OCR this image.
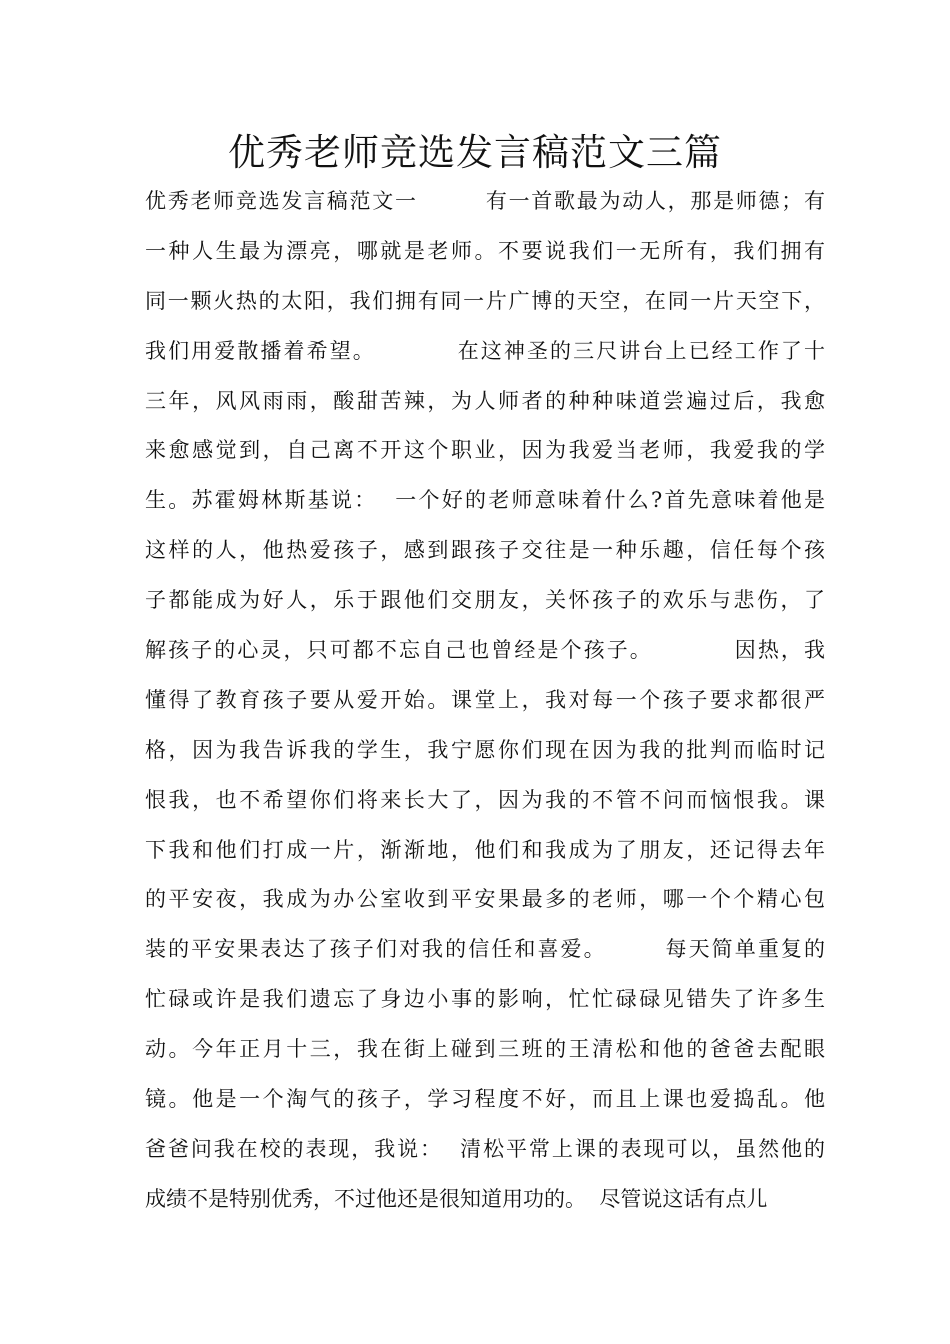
优秀老师竞选发言稿范文三篇
优秀老师竞选发言稿范文一　　　有一首歌最为动人，那是师德；有
一种人生最为漂亮，哪就是老师。不要说我们一无所有，我们拥有
同一颗火热的太阳，我们拥有同一片广博的天空，在同一片天空下，
我们用爱散播着希望。　　　　在这神圣的三尺讲台上已经工作了十
三年，风风雨雨，酸甜苦辣，为人师者的种种味道尝遍过后，我愈
来愈感觉到，自己离不开这个职业，因为我爱当老师，我爱我的学
生。苏霍姆林斯基说：  一个好的老师意味着什么?首先意味着他是
这样的人，他热爱孩子，感到跟孩子交往是一种乐趣，信任每个孩
子都能成为好人，乐于跟他们交朋友，关怀孩子的欢乐与悲伤，了
解孩子的心灵，只可都不忘自己也曾经是个孩子。　　　　因热，我
懂得了教育孩子要从爱开始。课堂上，我对每一个孩子要求都很严
格，因为我告诉我的学生，我宁愿你们现在因为我的批判而临时记
恨我，也不希望你们将来长大了，因为我的不管不问而恼恨我。课
下我和他们打成一片，渐渐地，他们和我成为了朋友，还记得去年
的平安夜，我成为办公室收到平安果最多的老师，哪一个个精心包
装的平安果表达了孩子们对我的信任和喜爱。　　　每天简单重复的
忙碌或许是我们遗忘了身边小事的影响，忙忙碌碌见错失了许多生
动。今年正月十三，我在街上碰到三班的王清松和他的爸爸去配眼
镜。他是一个淘气的孩子，学习程度不好，而且上课也爱捣乱。他
爸爸问我在校的表现，我说：  清松平常上课的表现可以，虽然他的
成绩不是特别优秀，不过他还是很知道用功的。  尽管说这话有点儿
